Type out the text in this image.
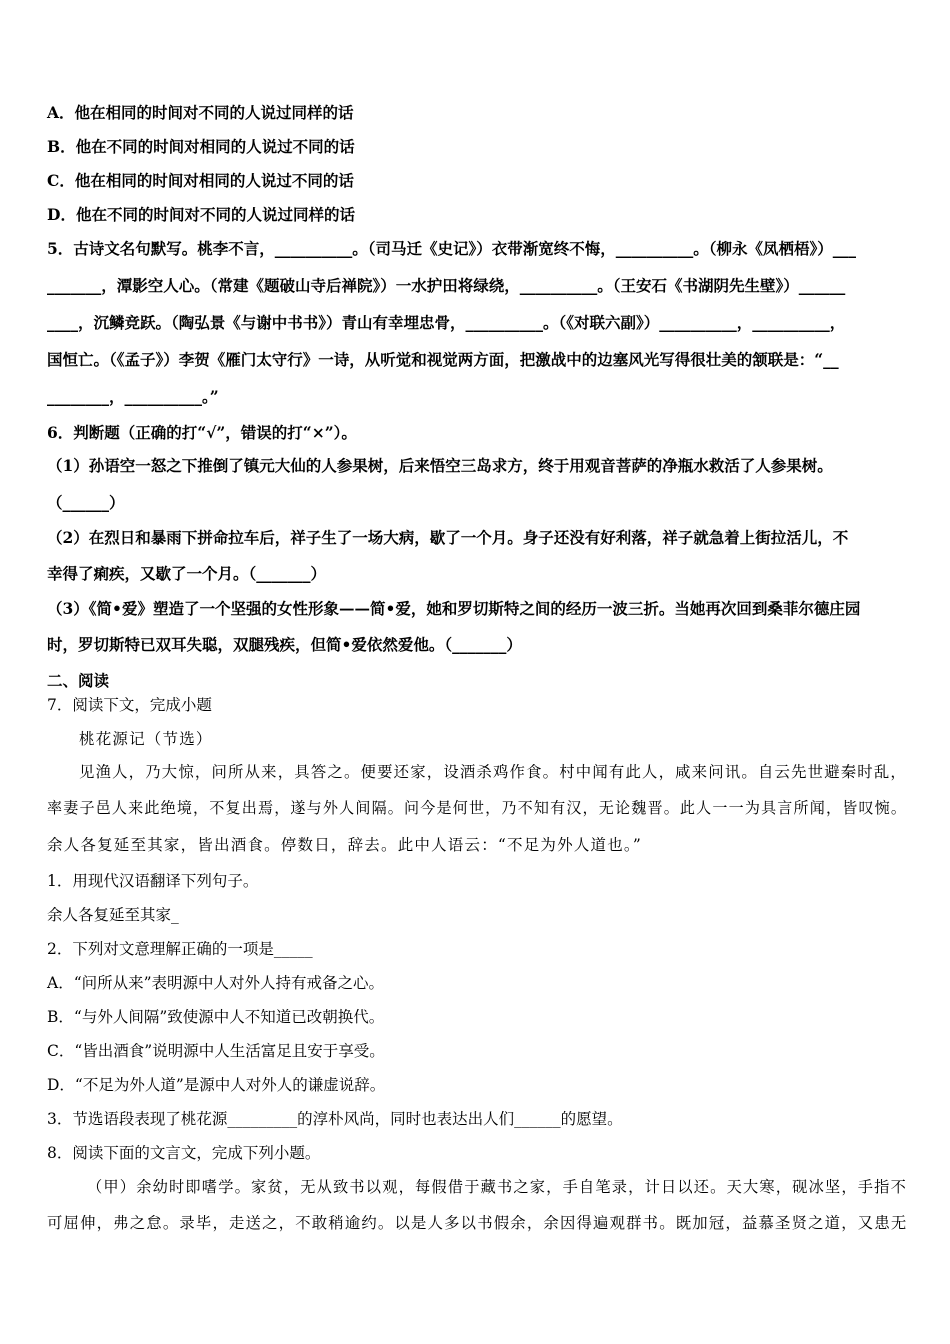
A．他在相同的时间对不同的人说过同样的话
B．他在不同的时间对相同的人说过不同的话
C．他在相同的时间对相同的人说过不同的话
D．他在不同的时间对不同的人说过同样的话
5．古诗文名句默写。桃李不言，__________。（司马迁《史记》）衣带渐宽终不悔，__________。（柳永《凤栖梧》）___
_______，潭影空人心。（常建《题破山寺后禅院》）一水护田将绿绕，__________。（王安石《书湖阴先生壁》）______
____，沉鳞竞跃。（陶弘景《与谢中书书》）青山有幸埋忠骨，__________。（《对联六副》）__________，__________，
国恒亡。（《孟子》）李贺《雁门太守行》一诗，从听觉和视觉两方面，把激战中的边塞风光写得很壮美的颔联是：“__
________，__________。”
6．判断题（正确的打“√”，错误的打“×”）。
（1）孙语空一怒之下推倒了镇元大仙的人参果树，后来悟空三岛求方，终于用观音菩萨的净瓶水救活了人参果树。
（______）
（2）在烈日和暴雨下拼命拉车后，祥子生了一场大病，歇了一个月。身子还没有好利落，祥子就急着上街拉活儿，不
幸得了痢疾，又歇了一个月。（_______）
（3）《简•爱》塑造了一个坚强的女性形象——简•爱，她和罗切斯特之间的经历一波三折。当她再次回到桑菲尔德庄园
时，罗切斯特已双耳失聪，双腿残疾，但简•爱依然爱他。（_______）
二、阅读
7．阅读下文，完成小题
桃花源记（节选）
见渔人，乃大惊，问所从来，具答之。便要还家，设酒杀鸡作食。村中闻有此人，咸来问讯。自云先世避秦时乱，
率妻子邑人来此绝境，不复出焉，遂与外人间隔。问今是何世，乃不知有汉，无论魏晋。此人一一为具言所闻，皆叹惋。
余人各复延至其家，皆出酒食。停数日，辞去。此中人语云：“不足为外人道也。”
1．用现代汉语翻译下列句子。
余人各复延至其家_
2．下列对文意理解正确的一项是_____
A．“问所从来”表明源中人对外人持有戒备之心。
B．“与外人间隔”致使源中人不知道已改朝换代。
C．“皆出酒食”说明源中人生活富足且安于享受。
D．“不足为外人道”是源中人对外人的谦虚说辞。
3．节选语段表现了桃花源_________的淳朴风尚，同时也表达出人们______的愿望。
8．阅读下面的文言文，完成下列小题。
（甲）余幼时即嗜学。家贫，无从致书以观，每假借于藏书之家，手自笔录，计日以还。天大寒，砚冰坚，手指不
可屈伸，弗之怠。录毕，走送之，不敢稍逾约。以是人多以书假余，余因得遍观群书。既加冠，益慕圣贤之道，又患无
